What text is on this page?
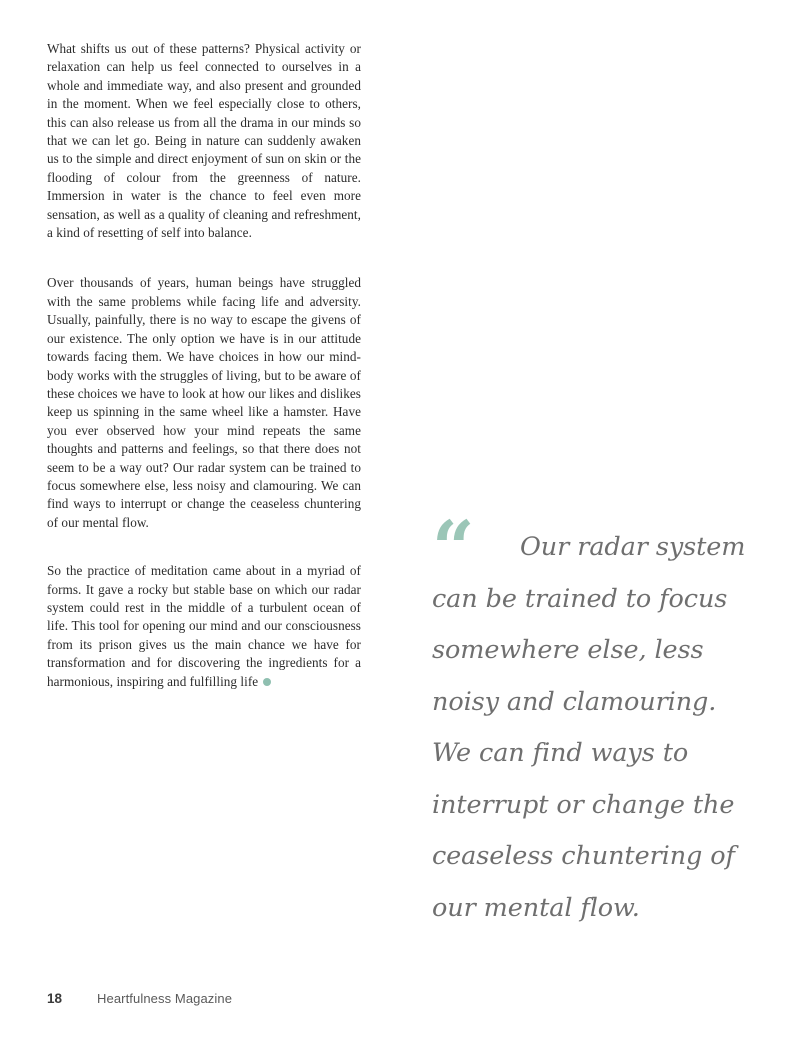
What shifts us out of these patterns? Physical activity or relaxation can help us feel connected to ourselves in a whole and immediate way, and also present and grounded in the moment. When we feel especially close to others, this can also release us from all the drama in our minds so that we can let go. Being in nature can suddenly awaken us to the simple and direct enjoyment of sun on skin or the flooding of colour from the greenness of nature. Immersion in water is the chance to feel even more sensation, as well as a quality of cleaning and refreshment, a kind of resetting of self into balance.

Over thousands of years, human beings have struggled with the same problems while facing life and adversity. Usually, painfully, there is no way to escape the givens of our existence. The only option we have is in our attitude towards facing them. We have choices in how our mind-body works with the struggles of living, but to be aware of these choices we have to look at how our likes and dislikes keep us spinning in the same wheel like a hamster. Have you ever observed how your mind repeats the same thoughts and patterns and feelings, so that there does not seem to be a way out? Our radar system can be trained to focus somewhere else, less noisy and clamouring. We can find ways to interrupt or change the ceaseless chuntering of our mental flow.

So the practice of meditation came about in a myriad of forms. It gave a rocky but stable base on which our radar system could rest in the middle of a turbulent ocean of life. This tool for opening our mind and our consciousness from its prison gives us the main chance we have for transformation and for discovering the ingredients for a harmonious, inspiring and fulfilling life

“	Our radar system can be trained to focus somewhere else, less noisy and clamouring. We can find ways to interrupt or change the ceaseless chuntering of our mental flow.

18	Heartfulness Magazine
